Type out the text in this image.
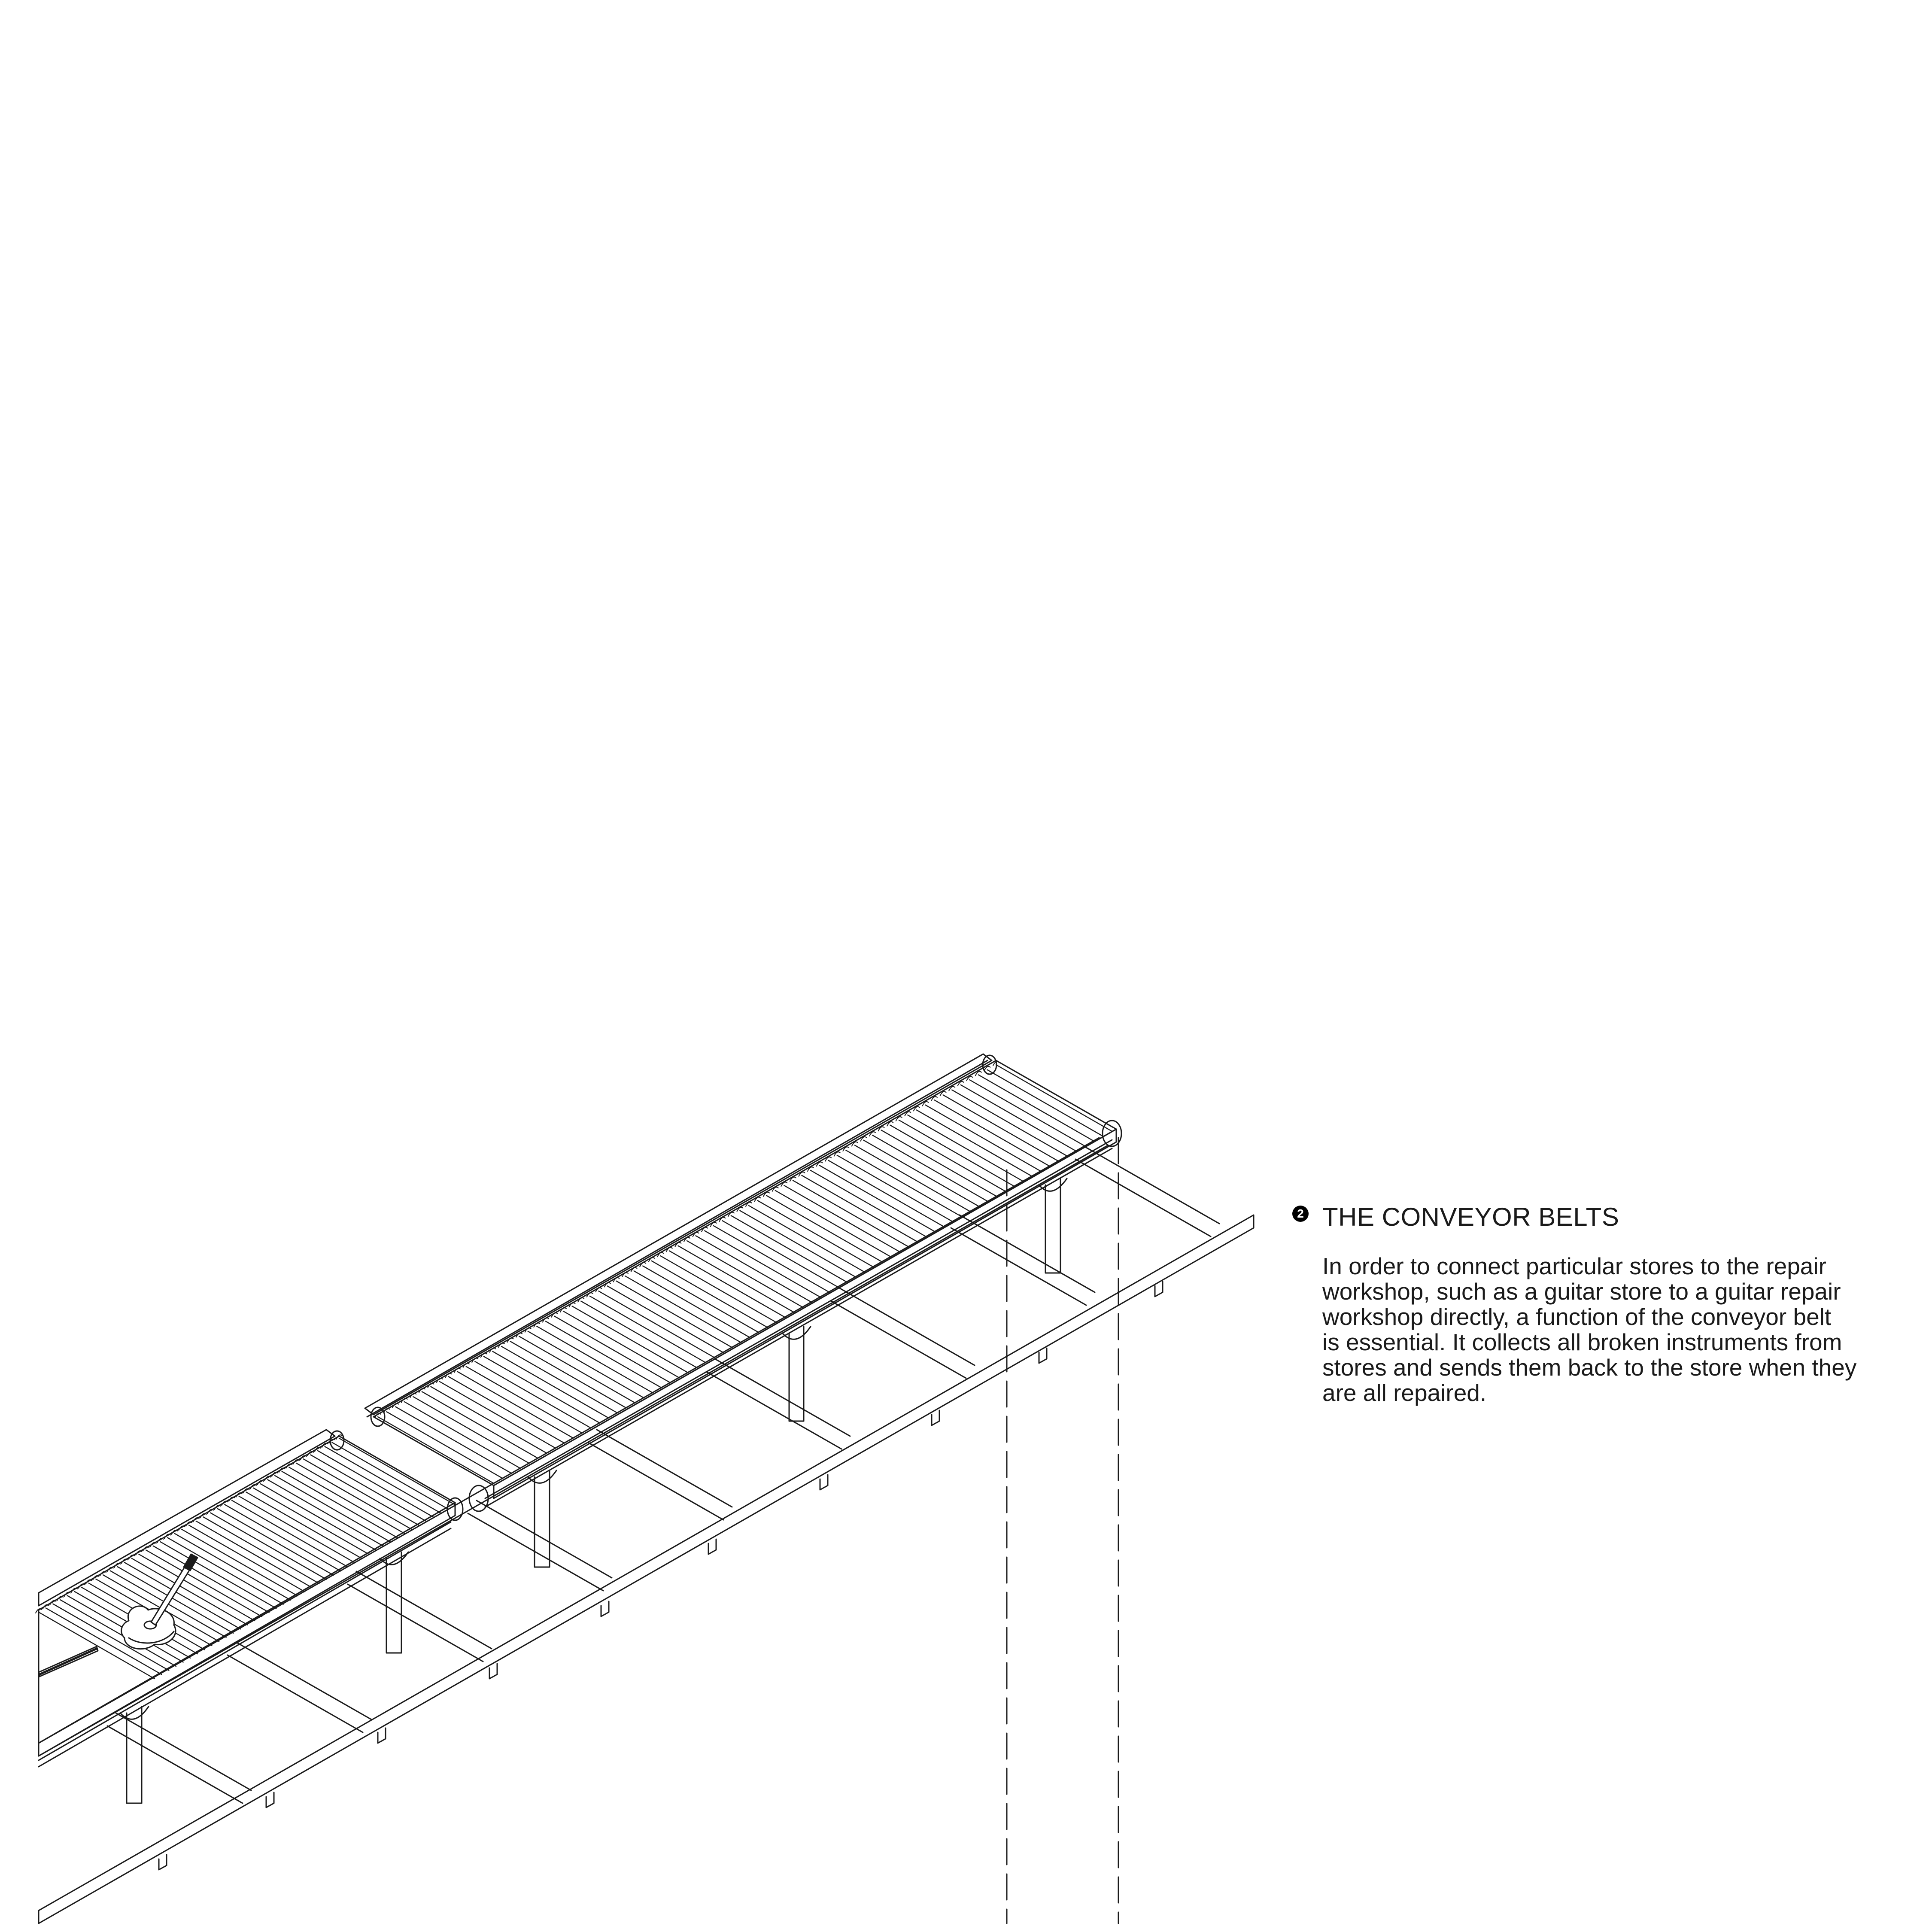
2 THE CONVEYOR BELTS
In order to connect particular stores to the repair
workshop, such as a guitar store to a guitar repair
workshop directly, a function of the conveyor belt
is essential. It collects all broken instruments from
stores and sends them back to the store when they
are all repaired.
